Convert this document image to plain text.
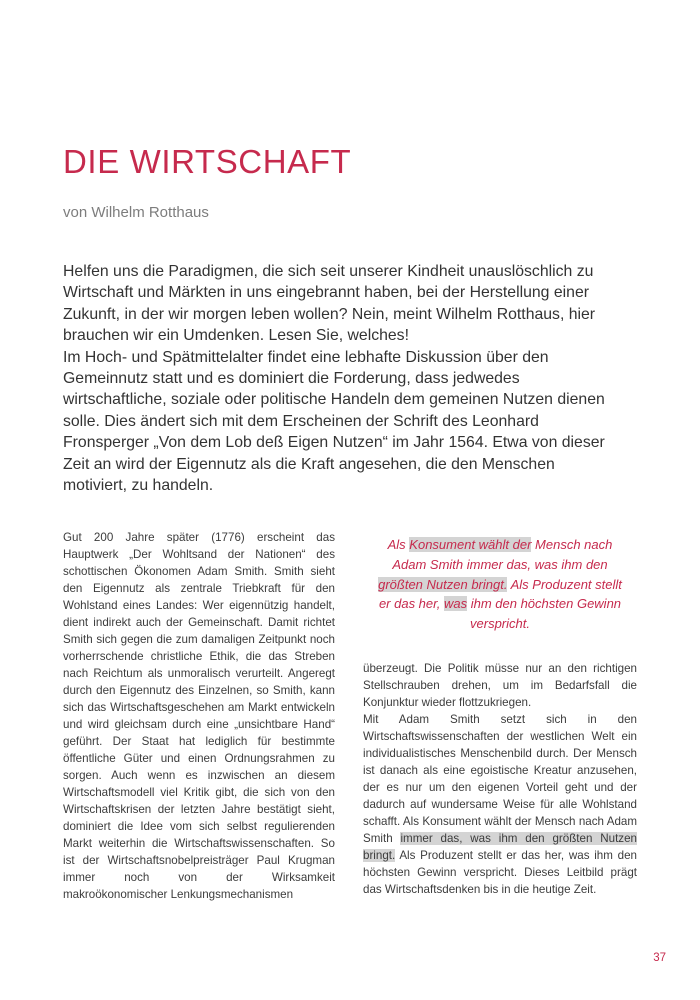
DIE WIRTSCHAFT

von Wilhelm Rotthaus

Helfen uns die Paradigmen, die sich seit unserer Kindheit unauslöschlich zu Wirtschaft und Märkten in uns eingebrannt haben, bei der Herstellung einer Zukunft, in der wir morgen leben wollen? Nein, meint Wilhelm Rotthaus, hier brauchen wir ein Umdenken. Lesen Sie, welches!

Im Hoch- und Spätmittelalter findet eine lebhafte Diskussion über den Gemeinnutz statt und es dominiert die Forderung, dass jedwedes wirtschaftliche, soziale oder politische Handeln dem gemeinen Nutzen dienen solle. Dies ändert sich mit dem Erscheinen der Schrift des Leonhard Fronsperger „Von dem Lob deß Eigen Nutzen“ im Jahr 1564. Etwa von dieser Zeit an wird der Eigennutz als die Kraft angesehen, die den Menschen motiviert, zu handeln.

Gut 200 Jahre später (1776) erscheint das Hauptwerk „Der Wohltsand der Nationen“ des schottischen Ökonomen Adam Smith. Smith sieht den Eigennutz als zentrale Triebkraft für den Wohlstand eines Landes: Wer eigennützig handelt, dient indirekt auch der Gemeinschaft. Damit richtet Smith sich gegen die zum damaligen Zeitpunkt noch vorherrschende christliche Ethik, die das Streben nach Reichtum als unmoralisch verurteilt. Angeregt durch den Eigennutz des Einzelnen, so Smith, kann sich das Wirtschaftsgeschehen am Markt entwickeln und wird gleichsam durch eine „unsichtbare Hand“ geführt. Der Staat hat lediglich für bestimmte öffentliche Güter und einen Ordnungsrahmen zu sorgen. Auch wenn es inzwischen an diesem Wirtschaftsmodell viel Kritik gibt, die sich von den Wirtschaftskrisen der letzten Jahre bestätigt sieht, dominiert die Idee vom sich selbst regulierenden Markt weiterhin die Wirtschaftswissenschaften. So ist der Wirtschaftsnobelpreisträger Paul Krugman immer noch von der Wirksamkeit makroökonomischer Lenkungsmechanismen

Als Konsument wählt der Mensch nach
Adam Smith immer das, was ihm den
größten Nutzen bringt. Als Produzent stellt
er das her, was ihm den höchsten Gewinn
verspricht.

überzeugt. Die Politik müsse nur an den richtigen Stellschrauben drehen, um im Bedarfsfall die Konjunktur wieder flottzukriegen.

Mit Adam Smith setzt sich in den Wirtschaftswissenschaften der westlichen Welt ein individualistisches Menschenbild durch. Der Mensch ist danach als eine egoistische Kreatur anzusehen, der es nur um den eigenen Vorteil geht und der dadurch auf wundersame Weise für alle Wohlstand schafft. Als Konsument wählt der Mensch nach Adam Smith immer das, was ihm den größten Nutzen bringt. Als Produzent stellt er das her, was ihm den höchsten Gewinn verspricht. Dieses Leitbild prägt das Wirtschaftsdenken bis in die heutige Zeit.

37
